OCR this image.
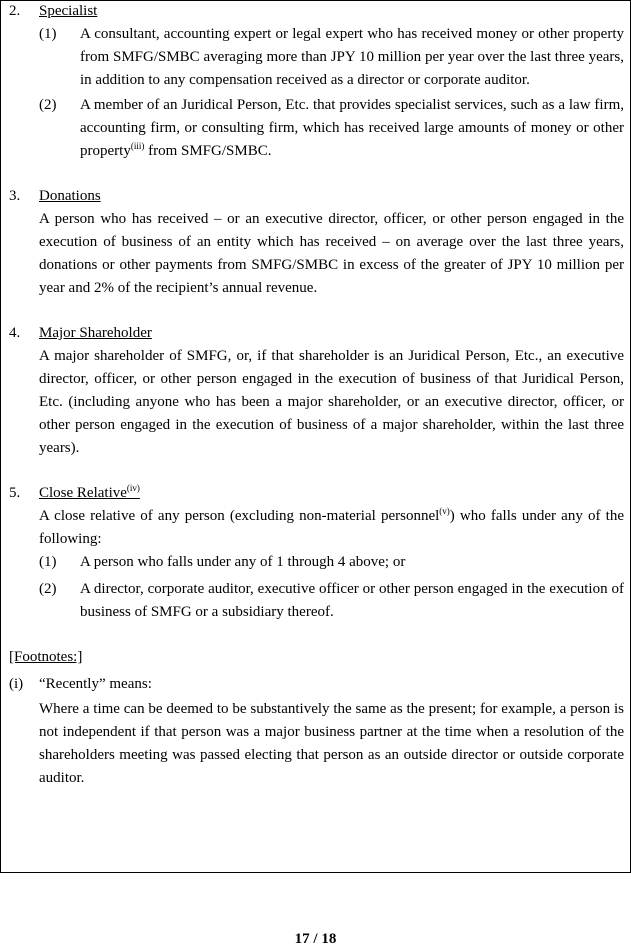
2. Specialist
(1) A consultant, accounting expert or legal expert who has received money or other property from SMFG/SMBC averaging more than JPY 10 million per year over the last three years, in addition to any compensation received as a director or corporate auditor.
(2) A member of an Juridical Person, Etc. that provides specialist services, such as a law firm, accounting firm, or consulting firm, which has received large amounts of money or other property$^{(iii)}$ from SMFG/SMBC.
3. Donations
A person who has received – or an executive director, officer, or other person engaged in the execution of business of an entity which has received – on average over the last three years, donations or other payments from SMFG/SMBC in excess of the greater of JPY 10 million per year and 2% of the recipient’s annual revenue.
4. Major Shareholder
A major shareholder of SMFG, or, if that shareholder is an Juridical Person, Etc., an executive director, officer, or other person engaged in the execution of business of that Juridical Person, Etc. (including anyone who has been a major shareholder, or an executive director, officer, or other person engaged in the execution of business of a major shareholder, within the last three years).
5. Close Relative$^{(iv)}$
A close relative of any person (excluding non-material personnel$^{(v)}$) who falls under any of the following:
(1) A person who falls under any of 1 through 4 above; or
(2) A director, corporate auditor, executive officer or other person engaged in the execution of business of SMFG or a subsidiary thereof.
[Footnotes:]
(i) “Recently” means:
Where a time can be deemed to be substantively the same as the present; for example, a person is not independent if that person was a major business partner at the time when a resolution of the shareholders meeting was passed electing that person as an outside director or outside corporate auditor.
17 / 18
